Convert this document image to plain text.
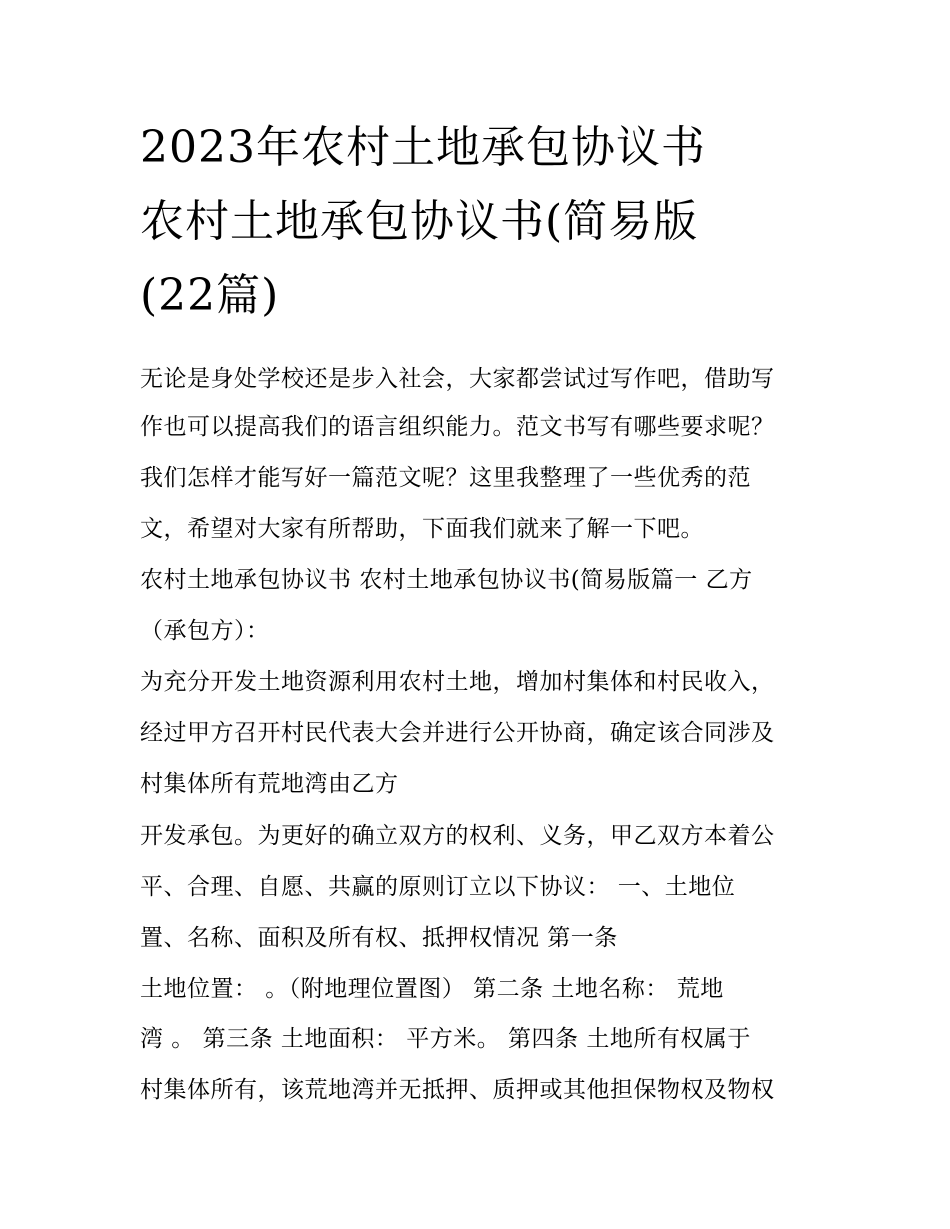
2023年农村土地承包协议书
农村土地承包协议书(简易版
(22篇)
无论是身处学校还是步入社会，大家都尝试过写作吧，借助写
作也可以提高我们的语言组织能力。范文书写有哪些要求呢？
我们怎样才能写好一篇范文呢？这里我整理了一些优秀的范
文，希望对大家有所帮助，下面我们就来了解一下吧。
农村土地承包协议书 农村土地承包协议书(简易版篇一 乙方
（承包方）：
为充分开发土地资源利用农村土地，增加村集体和村民收入，
经过甲方召开村民代表大会并进行公开协商，确定该合同涉及
村集体所有荒地湾由乙方
开发承包。为更好的确立双方的权利、义务，甲乙双方本着公
平、合理、自愿、共赢的原则订立以下协议： 一、土地位
置、名称、面积及所有权、抵押权情况 第一条
土地位置： 。（附地理位置图） 第二条 土地名称： 荒地
湾 。 第三条 土地面积： 平方米。 第四条 土地所有权属于
村集体所有，该荒地湾并无抵押、质押或其他担保物权及物权
